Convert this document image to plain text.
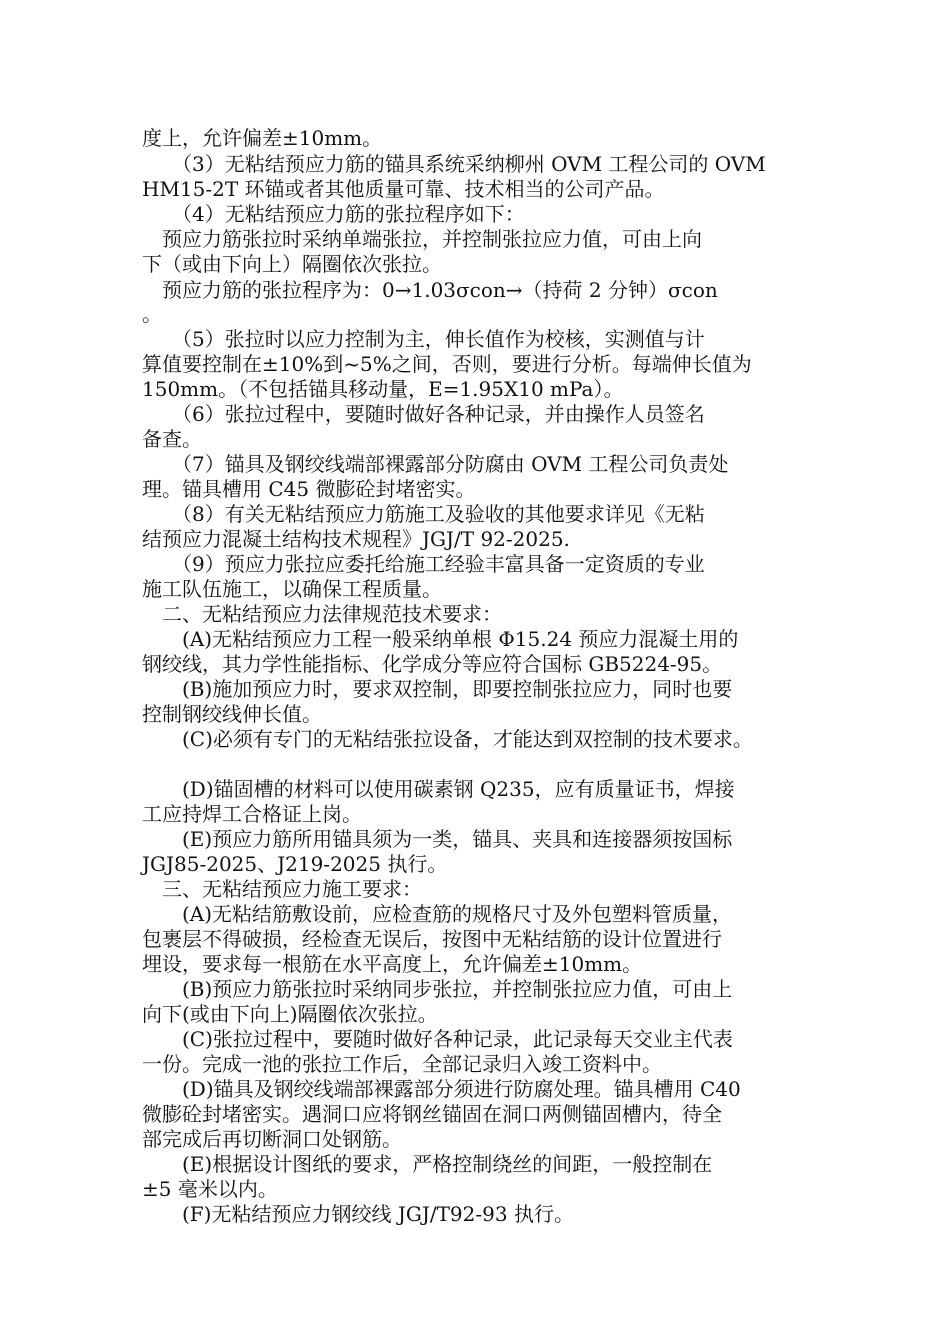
度上，允许偏差±10mm。

　　（3）无粘结预应力筋的锚具系统采纳柳州 OVM 工程公司的 OVM

HM15-2T 环锚或者其他质量可靠、技术相当的公司产品。

　　（4）无粘结预应力筋的张拉程序如下：

　预应力筋张拉时采纳单端张拉，并控制张拉应力值，可由上向

下（或由下向上）隔圈依次张拉。

　预应力筋的张拉程序为：0→1.03σcon→（持荷 2 分钟）σcon

。

　　（5）张拉时以应力控制为主，伸长值作为校核，实测值与计

算值要控制在±10%到~5%之间，否则，要进行分析。每端伸长值为

150mm。（不包括锚具移动量，E=1.95X10 mPa）。

　　（6）张拉过程中，要随时做好各种记录，并由操作人员签名

备查。

　　（7）锚具及钢绞线端部裸露部分防腐由 OVM 工程公司负责处

理。锚具槽用 C45 微膨砼封堵密实。

　　（8）有关无粘结预应力筋施工及验收的其他要求详见《无粘

结预应力混凝土结构技术规程》JGJ/T 92-2025.

　　（9）预应力张拉应委托给施工经验丰富具备一定资质的专业

施工队伍施工，以确保工程质量。

　二、无粘结预应力法律规范技术要求：

　　(A)无粘结预应力工程一般采纳单根 Φ15.24 预应力混凝土用的

钢绞线，其力学性能指标、化学成分等应符合国标 GB5224-95。

　　(B)施加预应力时，要求双控制，即要控制张拉应力，同时也要

控制钢绞线伸长值。

　　(C)必须有专门的无粘结张拉设备，才能达到双控制的技术要求。

　　(D)锚固槽的材料可以使用碳素钢 Q235，应有质量证书，焊接

工应持焊工合格证上岗。

　　(E)预应力筋所用锚具须为一类，锚具、夹具和连接器须按国标

JGJ85-2025、J219-2025 执行。

　三、无粘结预应力施工要求：

　　(A)无粘结筋敷设前，应检查筋的规格尺寸及外包塑料管质量，

包裹层不得破损，经检查无误后，按图中无粘结筋的设计位置进行

埋设，要求每一根筋在水平高度上，允许偏差±10mm。

　　(B)预应力筋张拉时采纳同步张拉，并控制张拉应力值，可由上

向下(或由下向上)隔圈依次张拉。

　　(C)张拉过程中，要随时做好各种记录，此记录每天交业主代表

一份。完成一池的张拉工作后，全部记录归入竣工资料中。

　　(D)锚具及钢绞线端部裸露部分须进行防腐处理。锚具槽用 C40

微膨砼封堵密实。遇洞口应将钢丝锚固在洞口两侧锚固槽内，待全

部完成后再切断洞口处钢筋。

　　(E)根据设计图纸的要求，严格控制绕丝的间距，一般控制在

±5 毫米以内。

　　(F)无粘结预应力钢绞线 JGJ/T92-93 执行。
